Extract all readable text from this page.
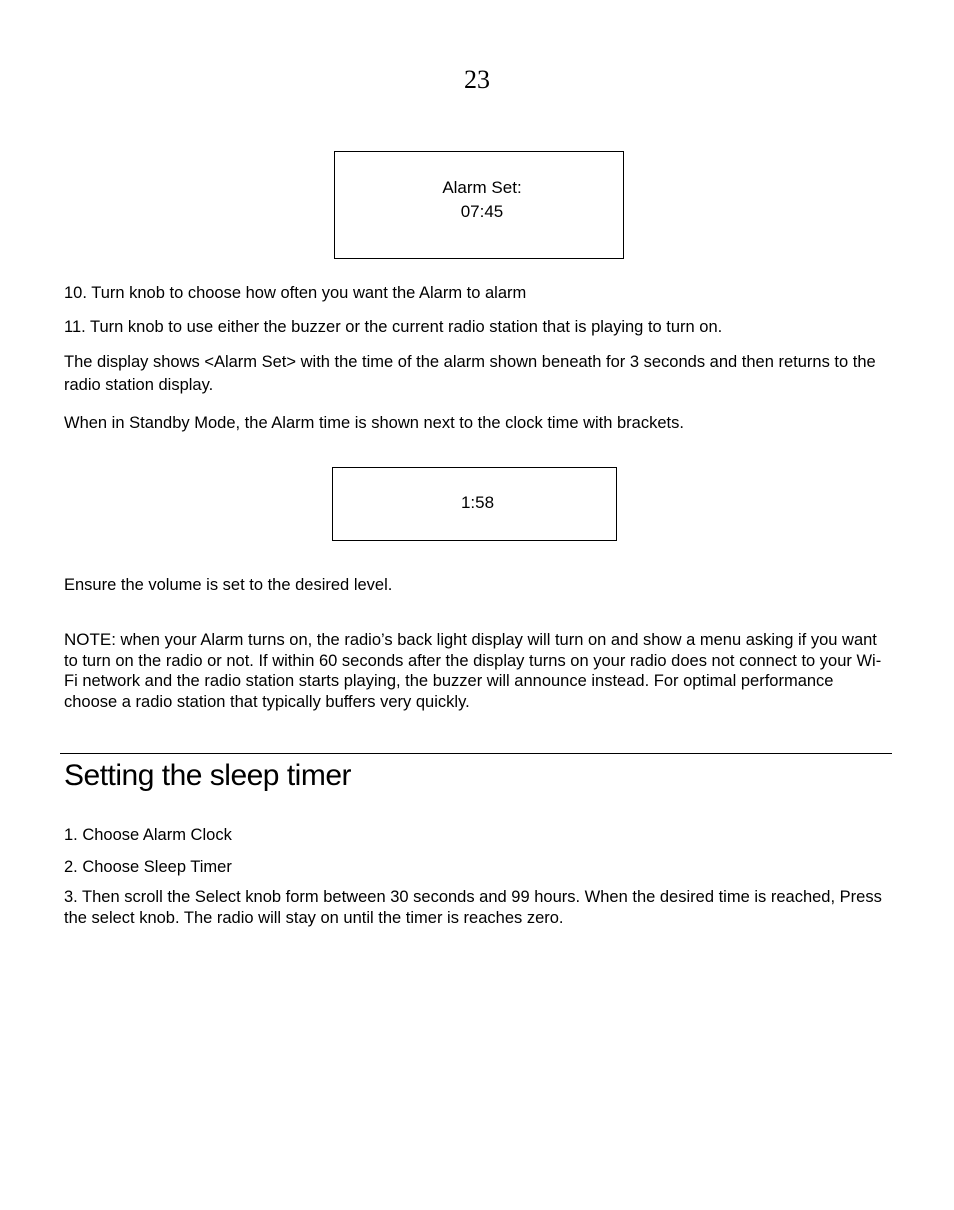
23
Alarm Set:
07:45

10. Turn knob to choose how often you want the Alarm to alarm

11. Turn knob to use either the buzzer or the current radio station that is playing to turn on.

The display shows <Alarm Set> with the time of the alarm shown beneath for 3 seconds and then returns to the radio station display.

When in Standby Mode, the Alarm time is shown next to the clock time with brackets.

1:58

Ensure the volume is set to the desired level.

NOTE: when your Alarm turns on, the radio’s back light display will turn on and show a menu asking if you want to turn on the radio or not. If within 60 seconds after the display turns on your radio does not connect to your Wi-Fi network and the radio station starts playing, the buzzer will announce instead. For optimal performance choose a radio station that typically buffers very quickly.

Setting the sleep timer

1. Choose Alarm Clock

2. Choose Sleep Timer

3. Then scroll the Select knob form between 30 seconds and 99 hours. When the desired time is reached, Press the select knob. The radio will stay on until the timer is reaches zero.
